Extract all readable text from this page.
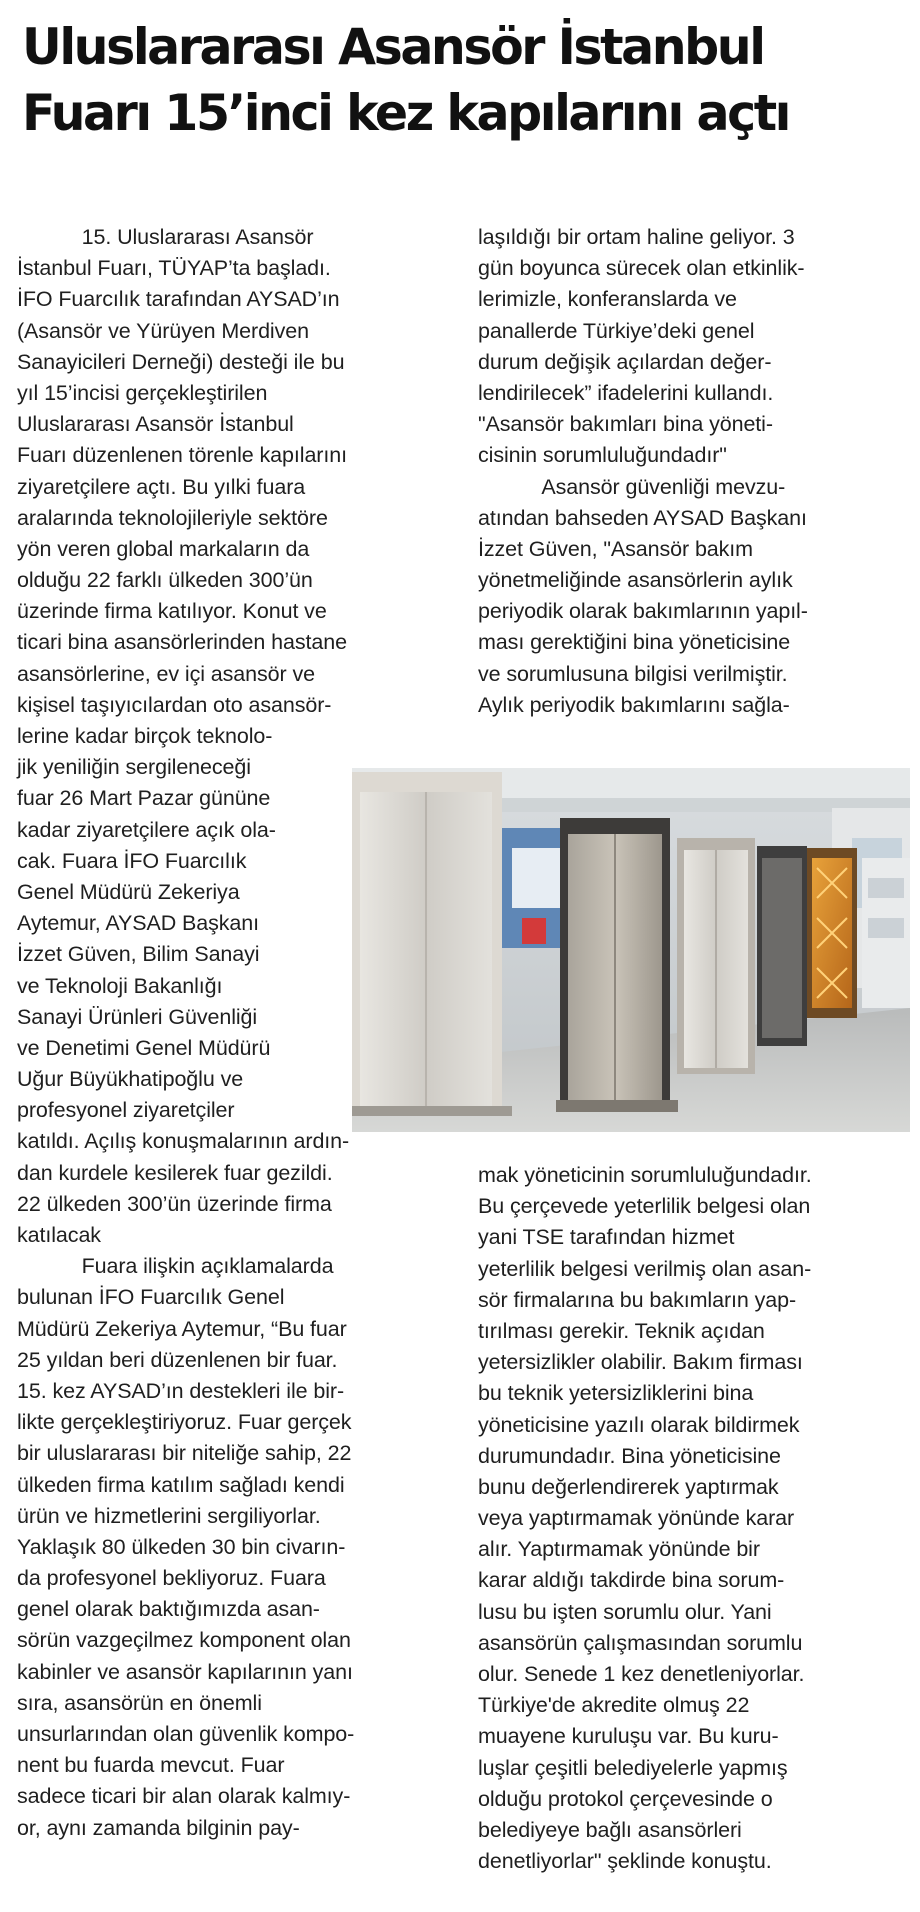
Uluslararası Asansör İstanbul
Fuarı 15’inci kez kapılarını açtı
15. Uluslararası Asansör
İstanbul Fuarı, TÜYAP’ta başladı.
İFO Fuarcılık tarafından AYSAD’ın
(Asansör ve Yürüyen Merdiven
Sanayicileri Derneği) desteği ile bu
yıl 15’incisi gerçekleştirilen
Uluslararası Asansör İstanbul
Fuarı düzenlenen törenle kapılarını
ziyaretçilere açtı. Bu yılki fuara
aralarında teknolojileriyle sektöre
yön veren global markaların da
olduğu 22 farklı ülkeden 300’ün
üzerinde firma katılıyor. Konut ve
ticari bina asansörlerinden hastane
asansörlerine, ev içi asansör ve
kişisel taşıyıcılardan oto asansör-
lerine kadar birçok teknolo-
jik yeniliğin sergileneceği
fuar 26 Mart Pazar gününe
kadar ziyaretçilere açık ola-
cak. Fuara İFO Fuarcılık
Genel Müdürü Zekeriya
Aytemur, AYSAD Başkanı
İzzet Güven, Bilim Sanayi
ve Teknoloji Bakanlığı
Sanayi Ürünleri Güvenliği
ve Denetimi Genel Müdürü
Uğur Büyükhatipoğlu ve
profesyonel ziyaretçiler
katıldı. Açılış konuşmalarının ardın-
dan kurdele kesilerek fuar gezildi.
22 ülkeden 300’ün üzerinde firma
katılacak
Fuara ilişkin açıklamalarda
bulunan İFO Fuarcılık Genel
Müdürü Zekeriya Aytemur, “Bu fuar
25 yıldan beri düzenlenen bir fuar.
15. kez AYSAD’ın destekleri ile bir-
likte gerçekleştiriyoruz. Fuar gerçek
bir uluslararası bir niteliğe sahip, 22
ülkeden firma katılım sağladı kendi
ürün ve hizmetlerini sergiliyorlar.
Yaklaşık 80 ülkeden 30 bin civarın-
da profesyonel bekliyoruz. Fuara
genel olarak baktığımızda asan-
sörün vazgeçilmez komponent olan
kabinler ve asansör kapılarının yanı
sıra, asansörün en önemli
unsurlarından olan güvenlik kompo-
nent bu fuarda mevcut. Fuar
sadece ticari bir alan olarak kalmıy-
or, aynı zamanda bilginin pay-
laşıldığı bir ortam haline geliyor. 3
gün boyunca sürecek olan etkinlik-
lerimizle, konferanslarda ve
panallerde Türkiye’deki genel
durum değişik açılardan değer-
lendirilecek” ifadelerini kullandı.
"Asansör bakımları bina yöneti-
cisinin sorumluluğundadır"
Asansör güvenliği mevzu-
atından bahseden AYSAD Başkanı
İzzet Güven, "Asansör bakım
yönetmeliğinde asansörlerin aylık
periyodik olarak bakımlarının yapıl-
ması gerektiğini bina yöneticisine
ve sorumlusuna bilgisi verilmiştir.
Aylık periyodik bakımlarını sağla-
mak yöneticinin sorumluluğundadır.
Bu çerçevede yeterlilik belgesi olan
yani TSE tarafından hizmet
yeterlilik belgesi verilmiş olan asan-
sör firmalarına bu bakımların yap-
tırılması gerekir. Teknik açıdan
yetersizlikler olabilir. Bakım firması
bu teknik yetersizliklerini bina
yöneticisine yazılı olarak bildirmek
durumundadır. Bina yöneticisine
bunu değerlendirerek yaptırmak
veya yaptırmamak yönünde karar
alır. Yaptırmamak yönünde bir
karar aldığı takdirde bina sorum-
lusu bu işten sorumlu olur. Yani
asansörün çalışmasından sorumlu
olur. Senede 1 kez denetleniyorlar.
Türkiye'de akredite olmuş 22
muayene kuruluşu var. Bu kuru-
luşlar çeşitli belediyelerle yapmış
olduğu protokol çerçevesinde o
belediyeye bağlı asansörleri
denetliyorlar" şeklinde konuştu.
